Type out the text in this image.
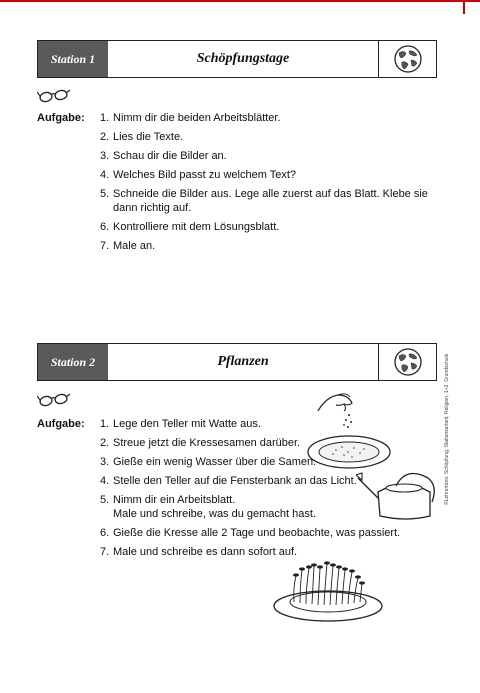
Station 1	Schöpfungstage
Aufgabe: 1. Nimm dir die beiden Arbeitsblätter.
2. Lies die Texte.
3. Schau dir die Bilder an.
4. Welches Bild passt zu welchem Text?
5. Schneide die Bilder aus. Lege alle zuerst auf das Blatt. Klebe sie
dann richtig auf.
6. Kontrolliere mit dem Lösungsblatt.
7. Male an.
Station 2	Pflanzen
Aufgabe: 1. Lege den Teller mit Watte aus.
2. Streue jetzt die Kressesamen darüber.
3. Gieße ein wenig Wasser über die Samen.
4. Stelle den Teller auf die Fensterbank an das Licht.
5. Nimm dir ein Arbeitsblatt.
Male und schreibe, was du gemacht hast.
6. Gieße die Kresse alle 2 Tage und beobachte, was passiert.
7. Male und schreibe es dann sofort auf.
©Lehrerbüro: Schöpfung, Stationsarbeit, Religion, 1+2, Grundschule
